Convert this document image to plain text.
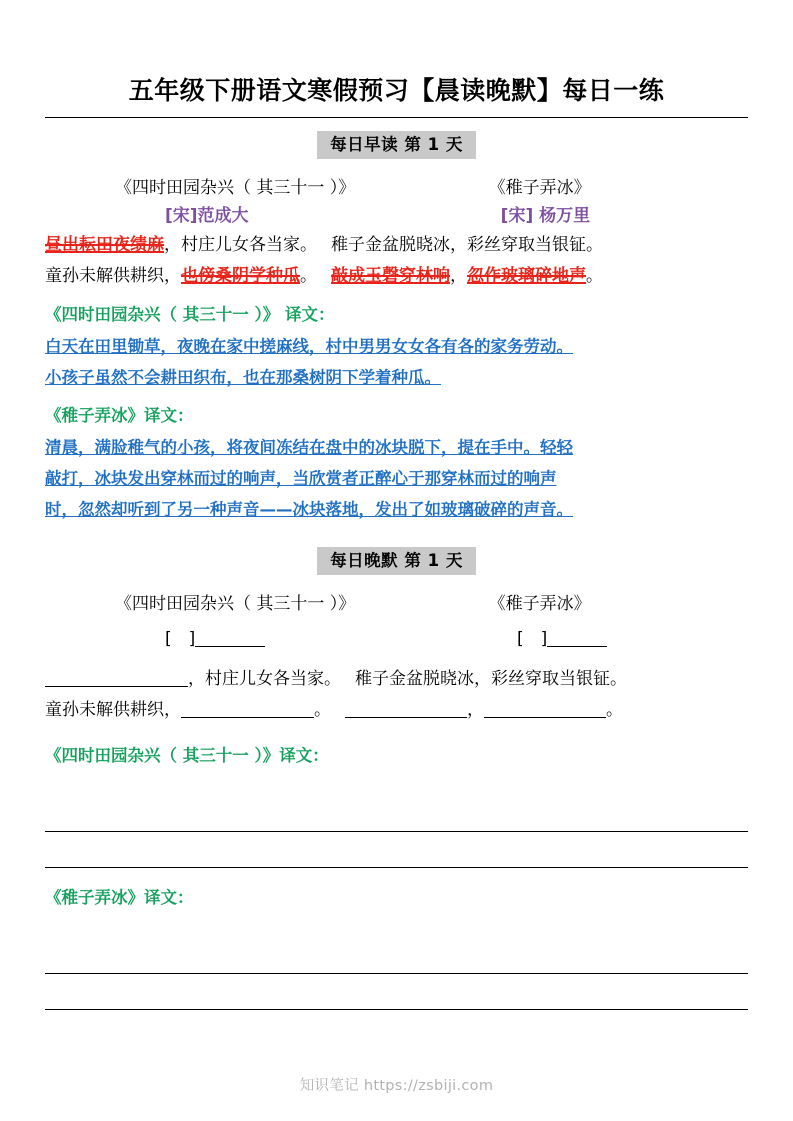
五年级下册语文寒假预习【晨读晚默】每日一练
每日早读 第 1 天
《四时田园杂兴（ 其三十一 ）》
[宋]范成大
《稚子弄冰》
[宋] 杨万里
昼出耘田夜绩麻，村庄儿女各当家。 稚子金盆脱晓冰，彩丝穿取当银钲。
童孙未解供耕织，也傍桑阴学种瓜。 敲成玉磬穿林响，忽作玻璃碎地声。
《四时田园杂兴（ 其三十一 ）》 译文：
白天在田里锄草，夜晚在家中搓麻线，村中男男女女各有各的家务劳动。
小孩子虽然不会耕田织布，也在那桑树阴下学着种瓜。
《稚子弄冰》译文：
清晨，满脸稚气的小孩，将夜间冻结在盘中的冰块脱下，提在手中。轻轻
敲打，冰块发出穿林而过的响声，当欣赏者正醉心于那穿林而过的响声
时，忽然却听到了另一种声音——冰块落地，发出了如玻璃破碎的声音。
每日晚默 第 1 天
《四时田园杂兴（ 其三十一 ）》	《稚子弄冰》
[　]	[　]
，村庄儿女各当家。 稚子金盆脱晓冰，彩丝穿取当银钲。
童孙未解供耕织，	。	，	。
《四时田园杂兴（ 其三十一 ）》译文：
《稚子弄冰》译文：
知识笔记 https://zsbiji.com
